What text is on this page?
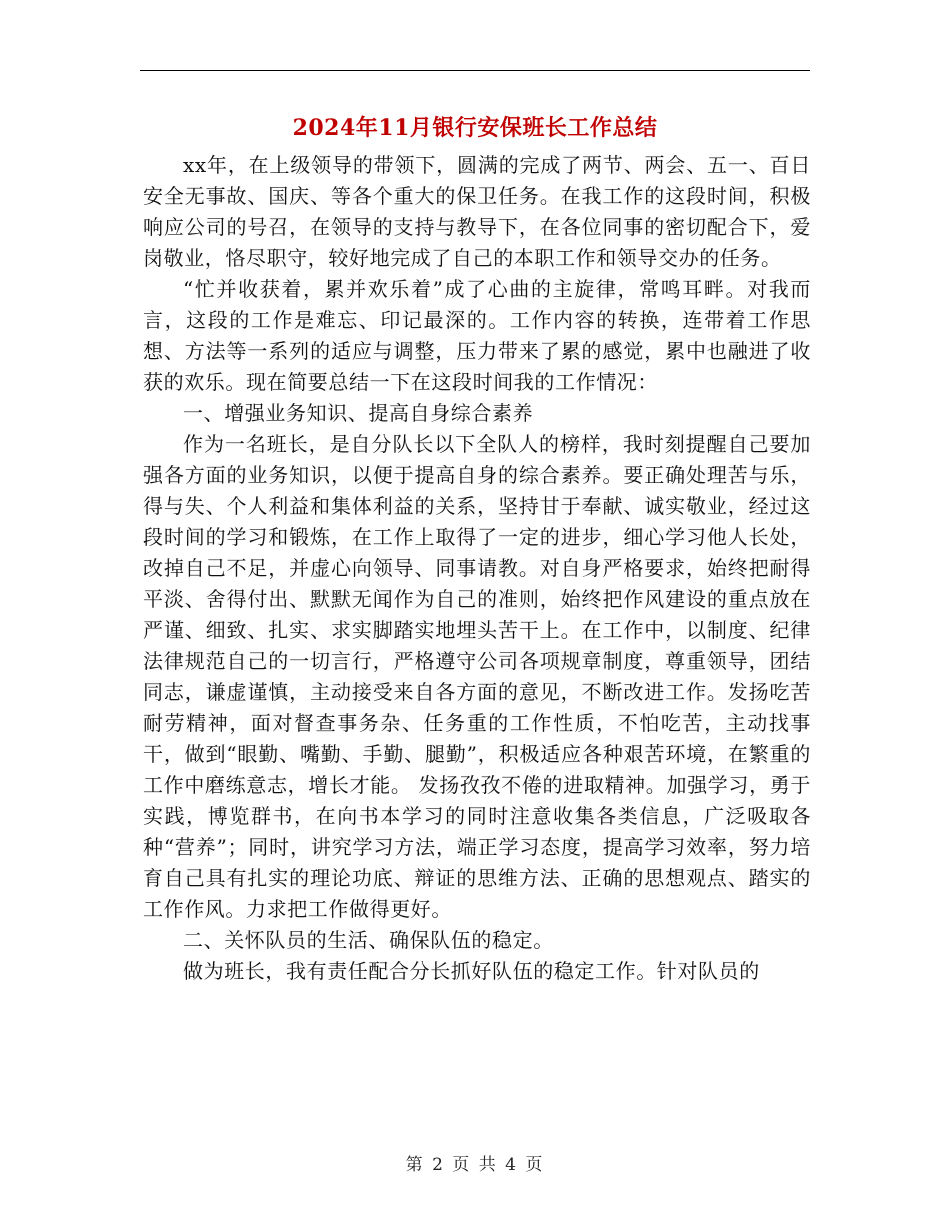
2024年11月银行安保班长工作总结

xx年，在上级领导的带领下，圆满的完成了两节、两会、五一、百日安全无事故、国庆、等各个重大的保卫任务。在我工作的这段时间，积极响应公司的号召，在领导的支持与教导下，在各位同事的密切配合下，爱岗敬业，恪尽职守，较好地完成了自己的本职工作和领导交办的任务。

“忙并收获着，累并欢乐着”成了心曲的主旋律，常鸣耳畔。对我而言，这段的工作是难忘、印记最深的。工作内容的转换，连带着工作思想、方法等一系列的适应与调整，压力带来了累的感觉，累中也融进了收获的欢乐。现在简要总结一下在这段时间我的工作情况：

一、增强业务知识、提高自身综合素养

作为一名班长，是自分队长以下全队人的榜样，我时刻提醒自己要加强各方面的业务知识，以便于提高自身的综合素养。要正确处理苦与乐，得与失、个人利益和集体利益的关系，坚持甘于奉献、诚实敬业，经过这段时间的学习和锻炼，在工作上取得了一定的进步，细心学习他人长处，改掉自己不足，并虚心向领导、同事请教。对自身严格要求，始终把耐得平淡、舍得付出、默默无闻作为自己的准则，始终把作风建设的重点放在严谨、细致、扎实、求实脚踏实地埋头苦干上。在工作中，以制度、纪律法律规范自己的一切言行，严格遵守公司各项规章制度，尊重领导，团结同志，谦虚谨慎，主动接受来自各方面的意见，不断改进工作。发扬吃苦耐劳精神，面对督查事务杂、任务重的工作性质，不怕吃苦，主动找事干，做到“眼勤、嘴勤、手勤、腿勤”，积极适应各种艰苦环境，在繁重的工作中磨练意志，增长才能。 发扬孜孜不倦的进取精神。加强学习，勇于实践，博览群书，在向书本学习的同时注意收集各类信息，广泛吸取各种“营养”；同时，讲究学习方法，端正学习态度，提高学习效率，努力培育自己具有扎实的理论功底、辩证的思维方法、正确的思想观点、踏实的工作作风。力求把工作做得更好。

二、关怀队员的生活、确保队伍的稳定。

做为班长，我有责任配合分长抓好队伍的稳定工作。针对队员的

第 2 页 共 4 页
